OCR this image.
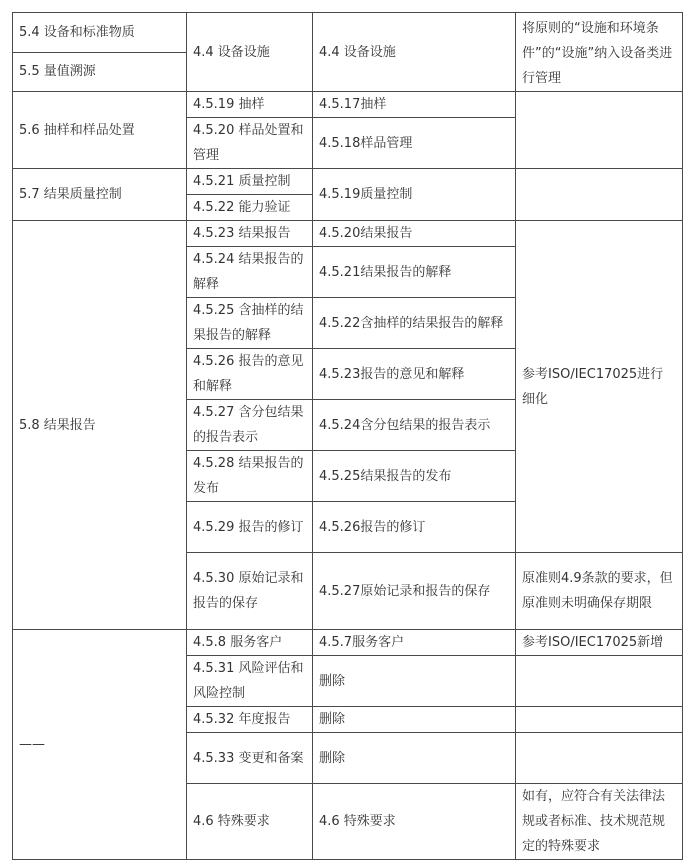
5.4 设备和标准物质	4.4 设备设施	4.4 设备设施	将原则的“设施和环境条件”的“设施”纳入设备类进行管理
5.5 量值溯源			
5.6 抽样和样品处置	4.5.19 抽样	4.5.17抽样	
	4.5.20 样品处置和管理	4.5.18样品管理	
5.7 结果质量控制	4.5.21 质量控制	4.5.19质量控制	
	4.5.22 能力验证		
5.8 结果报告	4.5.23 结果报告	4.5.20结果报告	参考ISO/IEC17025进行细化
	4.5.24 结果报告的解释	4.5.21结果报告的解释	
	4.5.25 含抽样的结果报告的解释	4.5.22含抽样的结果报告的解释	
	4.5.26 报告的意见和解释	4.5.23报告的意见和解释	
	4.5.27 含分包结果的报告表示	4.5.24含分包结果的报告表示	
	4.5.28 结果报告的发布	4.5.25结果报告的发布	
	4.5.29 报告的修订	4.5.26报告的修订	
	4.5.30 原始记录和报告的保存	4.5.27原始记录和报告的保存	原准则4.9条款的要求，但原准则未明确保存期限
——	4.5.8 服务客户	4.5.7服务客户	参考ISO/IEC17025新增
	4.5.31 风险评估和风险控制	删除	
	4.5.32 年度报告	删除	
	4.5.33 变更和备案	删除	
	4.6 特殊要求	4.6 特殊要求	如有，应符合有关法律法规或者标准、技术规范规定的特殊要求
